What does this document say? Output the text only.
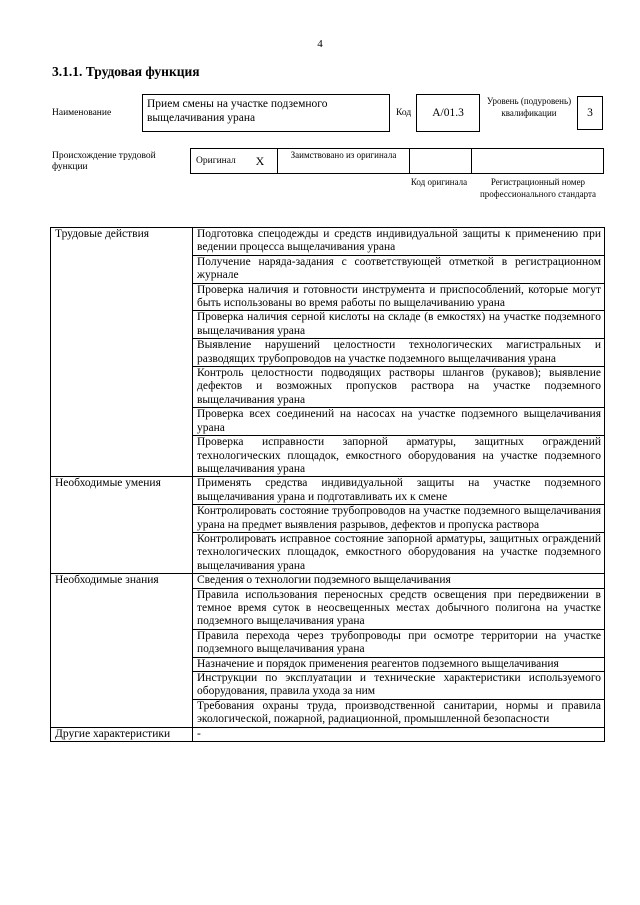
4
3.1.1. Трудовая функция
Наименование
Прием смены на участке подземного выщелачивания урана	Код	A/01.3
Уровень (подуровень) квалификации	3
Происхождение трудовой функции
Оригинал	X	Заимствовано из оригинала
Код оригинала	Регистрационный номер профессионального стандарта
Трудовые действия	Подготовка спецодежды и средств индивидуальной защиты к применению при ведении процесса выщелачивания урана
	Получение наряда-задания с соответствующей отметкой в регистрационном журнале
	Проверка наличия и готовности инструмента и приспособлений, которые могут быть использованы во время работы по выщелачиванию урана
	Проверка наличия серной кислоты на складе (в емкостях) на участке подземного выщелачивания урана
	Выявление нарушений целостности технологических магистральных и разводящих трубопроводов на участке подземного выщелачивания урана
	Контроль целостности подводящих растворы шлангов (рукавов); выявление дефектов и возможных пропусков раствора на участке подземного выщелачивания урана
	Проверка всех соединений на насосах на участке подземного выщелачивания урана
	Проверка исправности запорной арматуры, защитных ограждений технологических площадок, емкостного оборудования на участке подземного выщелачивания урана
Необходимые умения	Применять средства индивидуальной защиты на участке подземного выщелачивания урана и подготавливать их к смене
	Контролировать состояние трубопроводов на участке подземного выщелачивания урана на предмет выявления разрывов, дефектов и пропуска раствора
	Контролировать исправное состояние запорной арматуры, защитных ограждений технологических площадок, емкостного оборудования на участке подземного выщелачивания урана
Необходимые знания	Сведения о технологии подземного выщелачивания
	Правила использования переносных средств освещения при передвижении в темное время суток в неосвещенных местах добычного полигона на участке подземного выщелачивания урана
	Правила перехода через трубопроводы при осмотре территории на участке подземного выщелачивания урана
	Назначение и порядок применения реагентов подземного выщелачивания
	Инструкции по эксплуатации и технические характеристики используемого оборудования, правила ухода за ним
	Требования охраны труда, производственной санитарии, нормы и правила экологической, пожарной, радиационной, промышленной безопасности
Другие характеристики	-
